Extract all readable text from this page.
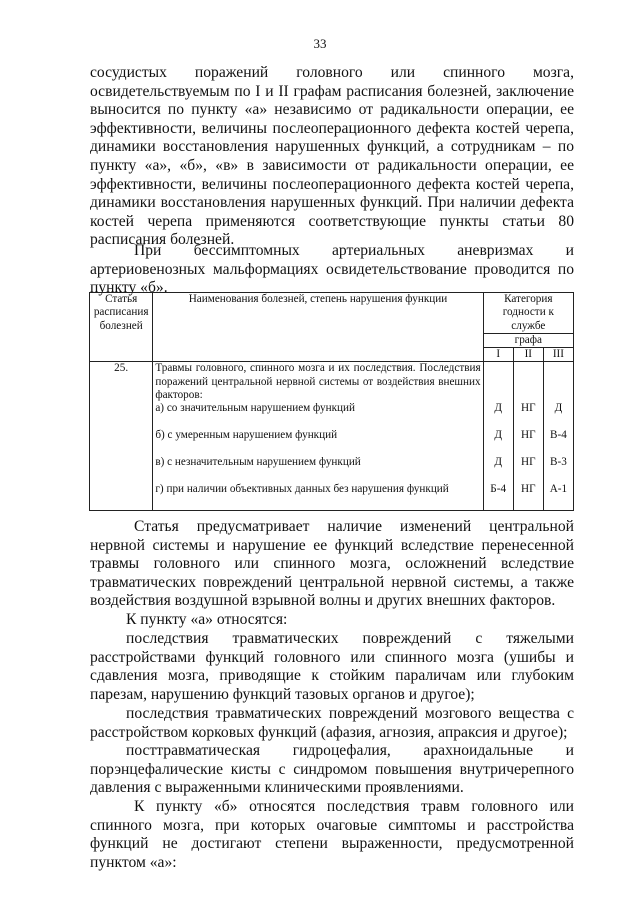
33

сосудистых поражений головного или спинного мозга, освидетельствуемым по I и II графам расписания болезней, заключение выносится по пункту «а» независимо от радикальности операции, ее эффективности, величины послеоперационного дефекта костей черепа, динамики восстановления нарушенных функций, а сотрудникам – по пункту «а», «б», «в» в зависимости от радикальности операции, ее эффективности, величины послеоперационного дефекта костей черепа, динамики восстановления нарушенных функций. При наличии дефекта костей черепа применяются соответствующие пункты статьи 80 расписания болезней.

При бессимптомных артериальных аневризмах и артериовенозных мальформациях освидетельствование проводится по пункту «б».

Статья расписания болезней	Наименования болезней, степень нарушения функции	Категория годности к службе		
		графа		
		I	II	III
25.	Травмы головного, спинного мозга и их последствия. Последствия поражений центральной нервной системы от воздействия внешних факторов:			
	а) со значительным нарушением функций	Д	НГ	Д
	б) с умеренным нарушением функций	Д	НГ	В-4
	в) с незначительным нарушением функций	Д	НГ	В-3
	г) при наличии объективных данных без нарушения функций	Б-4	НГ	А-1

Статья предусматривает наличие изменений центральной нервной системы и нарушение ее функций вследствие перенесенной травмы головного или спинного мозга, осложнений вследствие травматических повреждений центральной нервной системы, а также воздействия воздушной взрывной волны и других внешних факторов.

К пункту «а» относятся:

последствия травматических повреждений с тяжелыми расстройствами функций головного или спинного мозга (ушибы и сдавления мозга, приводящие к стойким параличам или глубоким парезам, нарушению функций тазовых органов и другое);

последствия травматических повреждений мозгового вещества с расстройством корковых функций (афазия, агнозия, апраксия и другое);

посттравматическая гидроцефалия, арахноидальные и порэнцефалические кисты с синдромом повышения внутричерепного давления с выраженными клиническими проявлениями.

К пункту «б» относятся последствия травм головного или спинного мозга, при которых очаговые симптомы и расстройства функций не достигают степени выраженности, предусмотренной пунктом «а»:
